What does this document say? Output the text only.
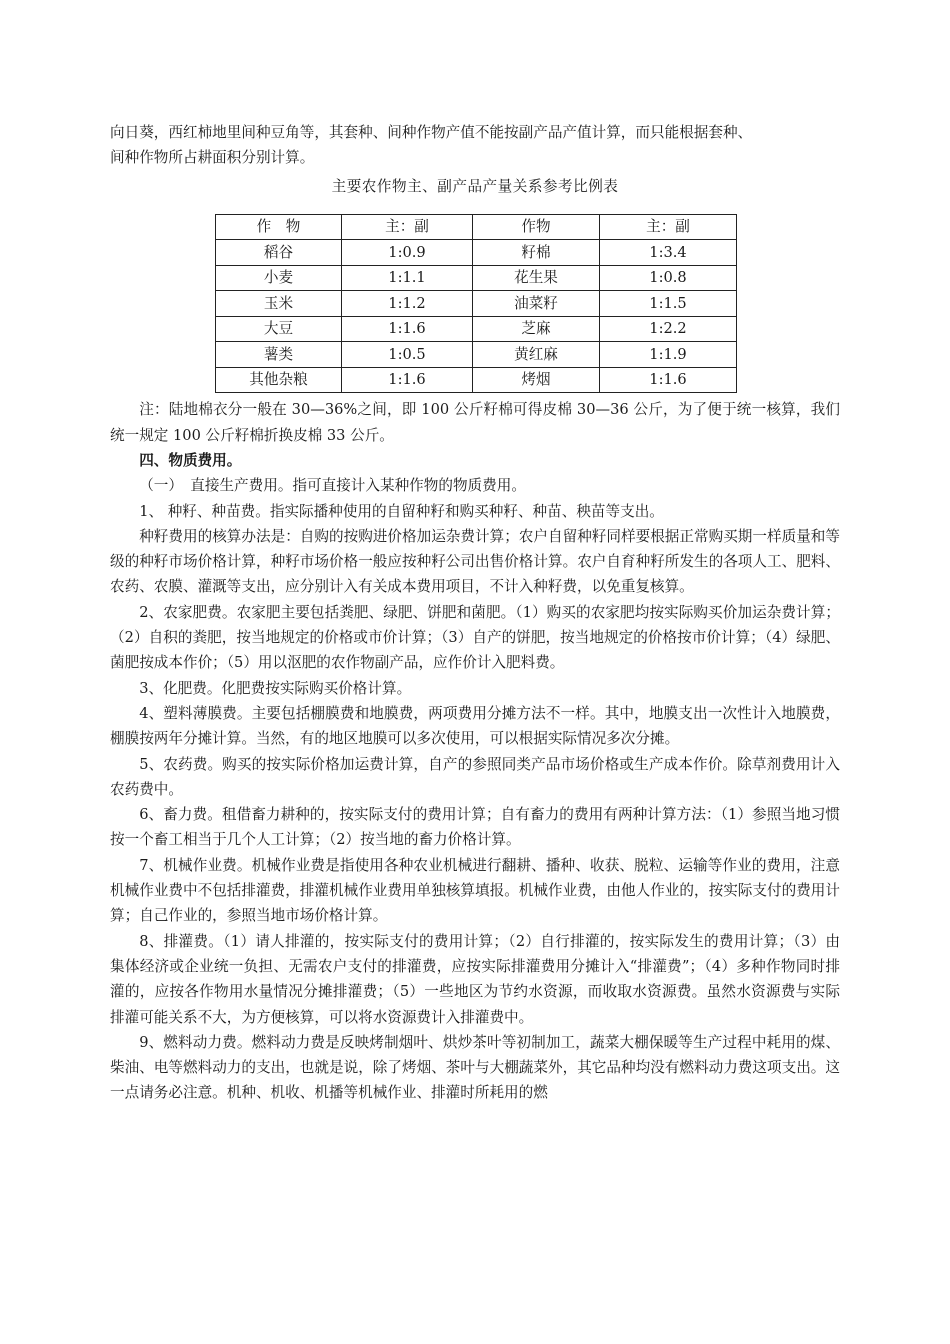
向日葵，西红柿地里间种豆角等，其套种、间种作物产值不能按副产品产值计算，而只能根据套种、

间种作物所占耕面积分别计算。

主要农作物主、副产品产量关系参考比例表

作　物	主：副	作物	主：副
稻谷	1:0.9	籽棉	1:3.4
小麦	1:1.1	花生果	1:0.8
玉米	1:1.2	油菜籽	1:1.5
大豆	1:1.6	芝麻	1:2.2
薯类	1:0.5	黄红麻	1:1.9
其他杂粮	1:1.6	烤烟	1:1.6

注：陆地棉衣分一般在 30—36%之间，即 100 公斤籽棉可得皮棉 30—36 公斤，为了便于统一核算，我们统一规定 100 公斤籽棉折换皮棉 33 公斤。

四、物质费用。

（一）　直接生产费用。指可直接计入某种作物的物质费用。

1、 种籽、种苗费。指实际播种使用的自留种籽和购买种籽、种苗、秧苗等支出。

种籽费用的核算办法是：自购的按购进价格加运杂费计算；农户自留种籽同样要根据正常购买期一样质量和等级的种籽市场价格计算，种籽市场价格一般应按种籽公司出售价格计算。农户自育种籽所发生的各项人工、肥料、农药、农膜、灌溉等支出，应分别计入有关成本费用项目，不计入种籽费，以免重复核算。

2、农家肥费。农家肥主要包括粪肥、绿肥、饼肥和菌肥。（1）购买的农家肥均按实际购买价加运杂费计算；（2）自积的粪肥，按当地规定的价格或市价计算；（3）自产的饼肥，按当地规定的价格按市价计算；（4）绿肥、菌肥按成本作价；（5）用以沤肥的农作物副产品，应作价计入肥料费。

3、化肥费。化肥费按实际购买价格计算。

4、塑料薄膜费。主要包括棚膜费和地膜费，两项费用分摊方法不一样。其中，地膜支出一次性计入地膜费，棚膜按两年分摊计算。当然，有的地区地膜可以多次使用，可以根据实际情况多次分摊。

5、农药费。购买的按实际价格加运费计算，自产的参照同类产品市场价格或生产成本作价。除草剂费用计入农药费中。

6、畜力费。租借畜力耕种的，按实际支付的费用计算；自有畜力的费用有两种计算方法：（1）参照当地习惯按一个畜工相当于几个人工计算；（2）按当地的畜力价格计算。

7、机械作业费。机械作业费是指使用各种农业机械进行翻耕、播种、收获、脱粒、运输等作业的费用，注意机械作业费中不包括排灌费，排灌机械作业费用单独核算填报。机械作业费，由他人作业的，按实际支付的费用计算；自己作业的，参照当地市场价格计算。

8、排灌费。（1）请人排灌的，按实际支付的费用计算；（2）自行排灌的，按实际发生的费用计算；（3）由集体经济或企业统一负担、无需农户支付的排灌费，应按实际排灌费用分摊计入“排灌费”；（4）多种作物同时排灌的，应按各作物用水量情况分摊排灌费；（5）一些地区为节约水资源，而收取水资源费。虽然水资源费与实际排灌可能关系不大，为方便核算，可以将水资源费计入排灌费中。

9、燃料动力费。燃料动力费是反映烤制烟叶、烘炒茶叶等初制加工，蔬菜大棚保暖等生产过程中耗用的煤、柴油、电等燃料动力的支出，也就是说，除了烤烟、茶叶与大棚蔬菜外，其它品种均没有燃料动力费这项支出。这一点请务必注意。机种、机收、机播等机械作业、排灌时所耗用的燃
